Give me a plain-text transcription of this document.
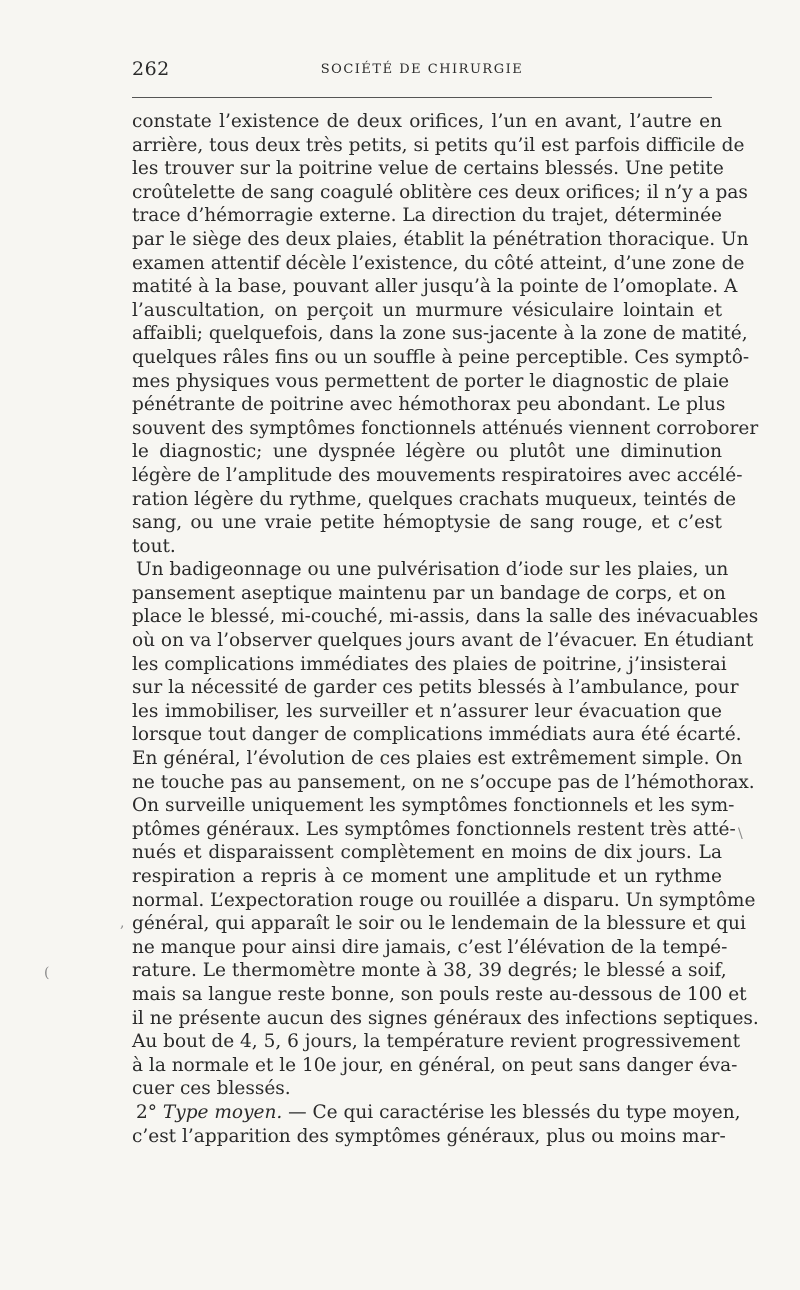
262	SOCIÉTÉ DE CHIRURGIE
constate l’existence de deux orifices, l’un en avant, l’autre en
arrière, tous deux très petits, si petits qu’il est parfois difficile de
les trouver sur la poitrine velue de certains blessés. Une petite
croûtelette de sang coagulé oblitère ces deux orifices; il n’y a pas
trace d’hémorragie externe. La direction du trajet, déterminée
par le siège des deux plaies, établit la pénétration thoracique. Un
examen attentif décèle l’existence, du côté atteint, d’une zone de
matité à la base, pouvant aller jusqu’à la pointe de l’omoplate. A
l’auscultation, on perçoit un murmure vésiculaire lointain et
affaibli; quelquefois, dans la zone sus-jacente à la zone de matité,
quelques râles fins ou un souffle à peine perceptible. Ces symptô-
mes physiques vous permettent de porter le diagnostic de plaie
pénétrante de poitrine avec hémothorax peu abondant. Le plus
souvent des symptômes fonctionnels atténués viennent corroborer
le diagnostic; une dyspnée légère ou plutôt une diminution
légère de l’amplitude des mouvements respiratoires avec accélé-
ration légère du rythme, quelques crachats muqueux, teintés de
sang, ou une vraie petite hémoptysie de sang rouge, et c’est
tout.
Un badigeonnage ou une pulvérisation d’iode sur les plaies, un
pansement aseptique maintenu par un bandage de corps, et on
place le blessé, mi-couché, mi-assis, dans la salle des inévacuables
où on va l’observer quelques jours avant de l’évacuer. En étudiant
les complications immédiates des plaies de poitrine, j’insisterai
sur la nécessité de garder ces petits blessés à l’ambulance, pour
les immobiliser, les surveiller et n’assurer leur évacuation que
lorsque tout danger de complications immédiats aura été écarté.
En général, l’évolution de ces plaies est extrêmement simple. On
ne touche pas au pansement, on ne s’occupe pas de l’hémothorax.
On surveille uniquement les symptômes fonctionnels et les sym-
ptômes généraux. Les symptômes fonctionnels restent très atté-
nués et disparaissent complètement en moins de dix jours. La
respiration a repris à ce moment une amplitude et un rythme
normal. L’expectoration rouge ou rouillée a disparu. Un symptôme
général, qui apparaît le soir ou le lendemain de la blessure et qui
ne manque pour ainsi dire jamais, c’est l’élévation de la tempé-
rature. Le thermomètre monte à 38, 39 degrés; le blessé a soif,
mais sa langue reste bonne, son pouls reste au-dessous de 100 et
il ne présente aucun des signes généraux des infections septiques.
Au bout de 4, 5, 6 jours, la température revient progressivement
à la normale et le 10e jour, en général, on peut sans danger éva-
cuer ces blessés.
2° Type moyen. — Ce qui caractérise les blessés du type moyen,
c’est l’apparition des symptômes généraux, plus ou moins mar-
\
,
(
